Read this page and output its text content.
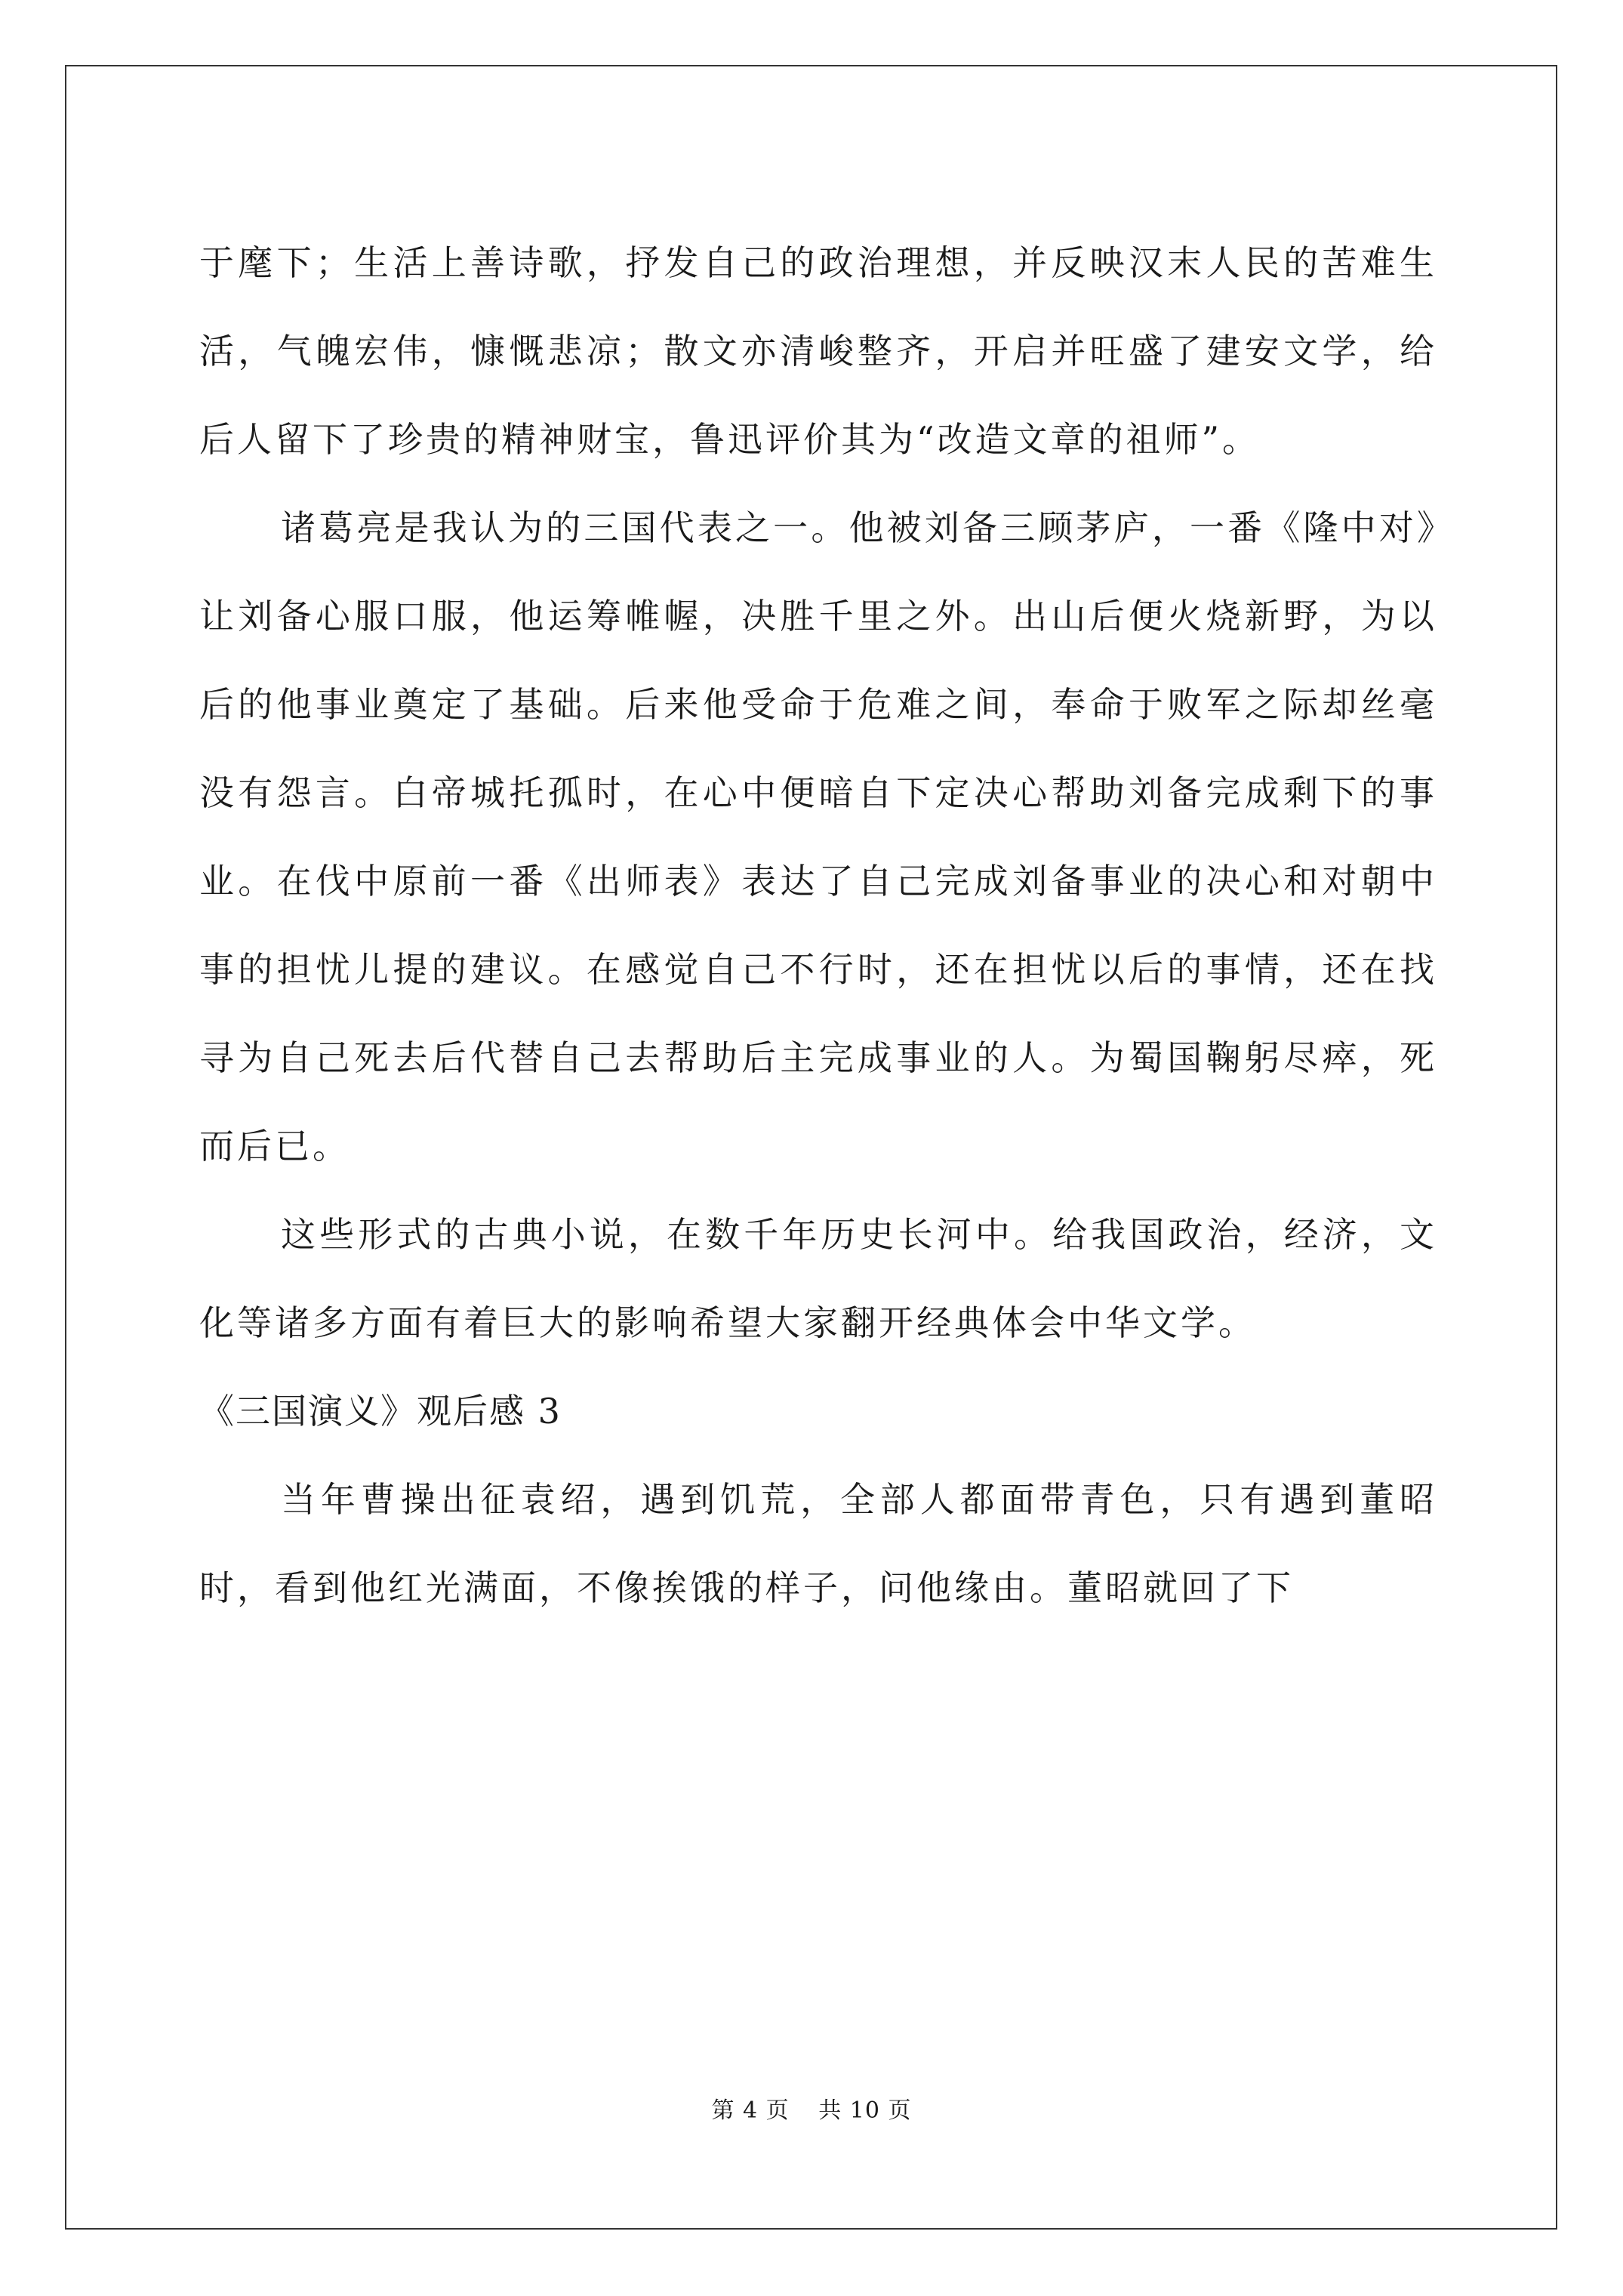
于麾下；生活上善诗歌，抒发自己的政治理想，并反映汉末人民的苦难生活，气魄宏伟，慷慨悲凉；散文亦清峻整齐，开启并旺盛了建安文学，给后人留下了珍贵的精神财宝，鲁迅评价其为“改造文章的祖师”。

诸葛亮是我认为的三国代表之一。他被刘备三顾茅庐，一番《隆中对》让刘备心服口服，他运筹帷幄，决胜千里之外。出山后便火烧新野，为以后的他事业奠定了基础。后来他受命于危难之间，奉命于败军之际却丝毫没有怨言。白帝城托孤时，在心中便暗自下定决心帮助刘备完成剩下的事业。在伐中原前一番《出师表》表达了自己完成刘备事业的决心和对朝中事的担忧儿提的建议。在感觉自己不行时，还在担忧以后的事情，还在找寻为自己死去后代替自己去帮助后主完成事业的人。为蜀国鞠躬尽瘁，死而后已。

这些形式的古典小说，在数千年历史长河中。给我国政治，经济，文化等诸多方面有着巨大的影响希望大家翻开经典体会中华文学。

《三国演义》观后感 3

当年曹操出征袁绍，遇到饥荒，全部人都面带青色，只有遇到董昭时，看到他红光满面，不像挨饿的样子，问他缘由。董昭就回了下

第 4 页 共 10 页
